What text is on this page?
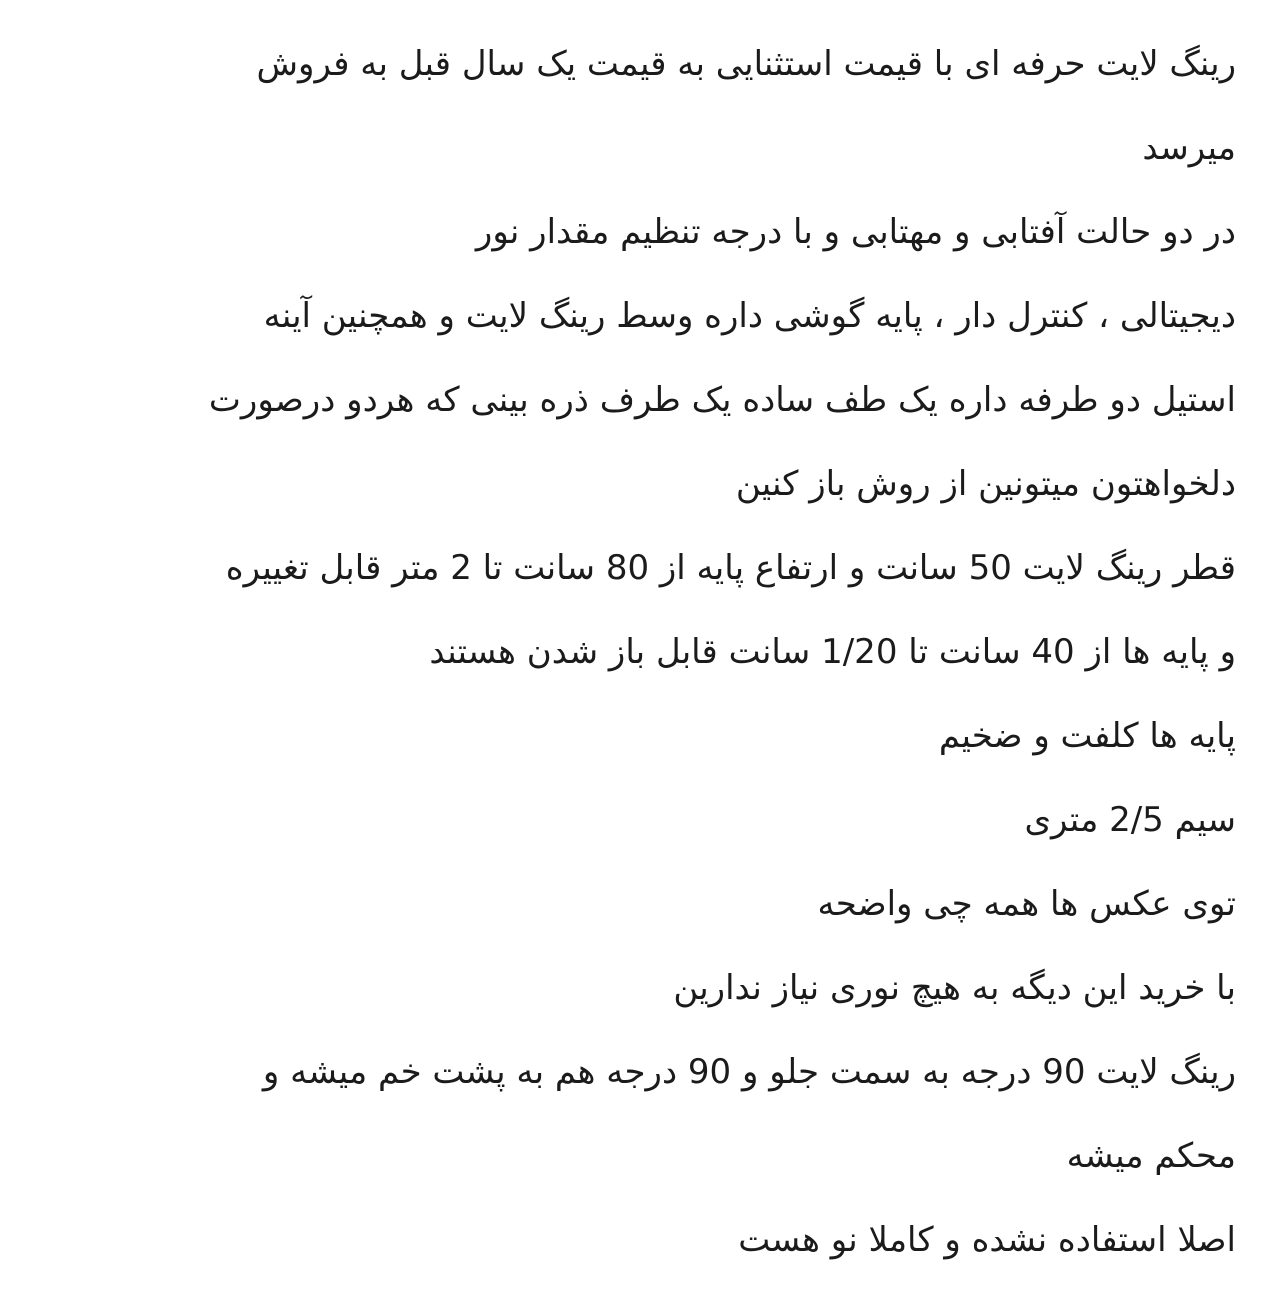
رینگ لایت حرفه ای با قیمت استثنایی به قیمت یک سال قبل به فروش

میرسد

در دو حالت آفتابی و مهتابی و با درجه تنظیم مقدار نور

دیجیتالی ، کنترل دار ، پایه گوشی داره وسط رینگ لایت و همچنین آینه

استیل دو طرفه داره یک طف ساده یک طرف ذره بینی که هردو درصورت

دلخواهتون میتونین از روش باز کنین

قطر رینگ لایت 50 سانت و ارتفاع پایه از 80 سانت تا 2 متر قابل تغییره

و پایه ها از 40 سانت تا 1/20 سانت قابل باز شدن هستند

پایه ها کلفت و ضخیم

سیم 2/5 متری

توی عکس ها همه چی واضحه

با خرید این دیگه به هیچ نوری نیاز ندارین

رینگ لایت 90 درجه به سمت جلو و 90 درجه هم به پشت خم میشه و

محکم میشه

اصلا استفاده نشده و کاملا نو هست
